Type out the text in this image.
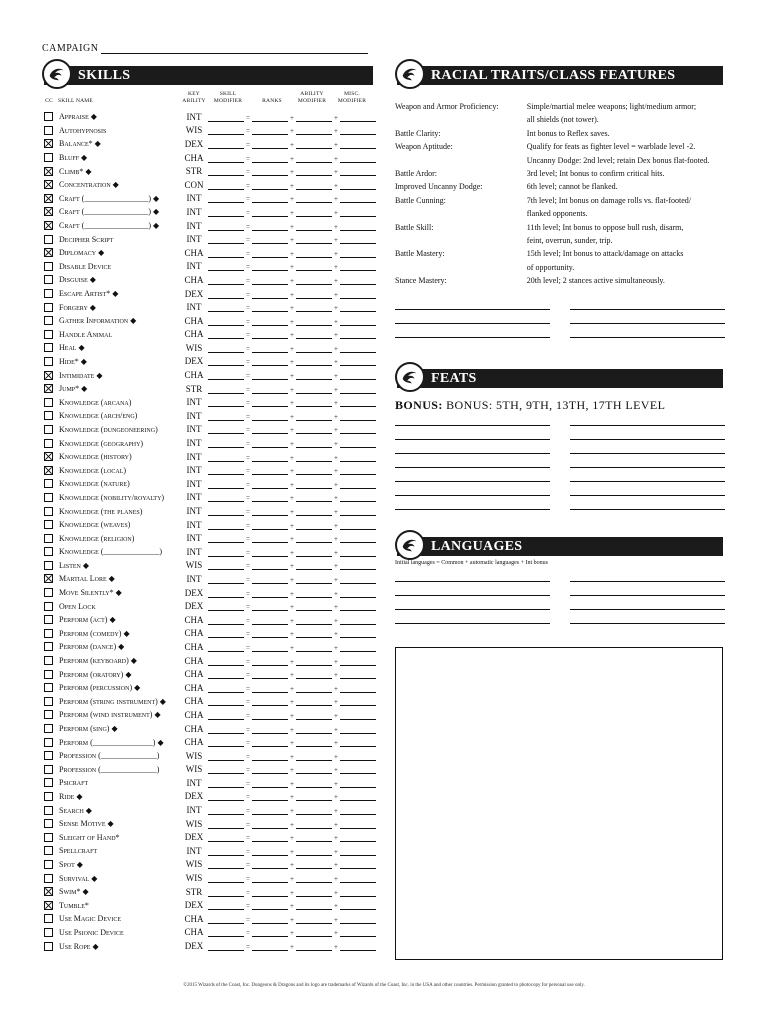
CAMPAIGN
SKILLS
CC SKILL NAME
KEY
ABILITY
SKILL
MODIFIER	RANKS
ABILITY
MODIFIER
MISC.
MODIFIER
Appraise ◆	INT	=	+	+
Autohypnosis	WIS	=	+	+
Balance* ◆	DEX	=	+	+
Bluff ◆	CHA	=	+	+
Climb* ◆	STR	=	+	+
Concentration ◆	CON	=	+	+
Craft (________________) ◆	INT	=	+	+
Craft (________________) ◆	INT	=	+	+
Craft (________________) ◆	INT	=	+	+
Decipher Script	INT	=	+	+
Diplomacy ◆	CHA	=	+	+
Disable Device	INT	=	+	+
Disguise ◆	CHA	=	+	+
Escape Artist* ◆	DEX	=	+	+
Forgery ◆	INT	=	+	+
Gather Information ◆	CHA	=	+	+
Handle Animal	CHA	=	+	+
Heal ◆	WIS	=	+	+
Hide* ◆	DEX	=	+	+
Intimidate ◆	CHA	=	+	+
Jump* ◆	STR	=	+	+
Knowledge (arcana)	INT	=	+	+
Knowledge (arch/eng)	INT	=	+	+
Knowledge (dungeoneering)	INT	=	+	+
Knowledge (geography)	INT	=	+	+
Knowledge (history)	INT	=	+	+
Knowledge (local)	INT	=	+	+
Knowledge (nature)	INT	=	+	+
Knowledge (nobility/royalty)	INT	=	+	+
Knowledge (the planes)	INT	=	+	+
Knowledge (weaves)	INT	=	+	+
Knowledge (religion)	INT	=	+	+
Knowledge (______________)	INT	=	+	+
Listen ◆	WIS	=	+	+
Martial Lore ◆	INT	=	+	+
Move Silently* ◆	DEX	=	+	+
Open Lock	DEX	=	+	+
Perform (act) ◆	CHA	=	+	+
Perform (comedy) ◆	CHA	=	+	+
Perform (dance) ◆	CHA	=	+	+
Perform (keyboard) ◆	CHA	=	+	+
Perform (oratory) ◆	CHA	=	+	+
Perform (percussion) ◆	CHA	=	+	+
Perform (string instrument) ◆	CHA	=	+	+
Perform (wind instrument) ◆	CHA	=	+	+
Perform (sing) ◆	CHA	=	+	+
Perform (_______________) ◆	CHA	=	+	+
Profession (______________)	WIS	=	+	+
Profession (______________)	WIS	=	+	+
Psicraft	INT	=	+	+
Ride ◆	DEX	=	+	+
Search ◆	INT	=	+	+
Sense Motive ◆	WIS	=	+	+
Sleight of Hand*	DEX	=	+	+
Spellcraft	INT	=	+	+
Spot ◆	WIS	=	+	+
Survival ◆	WIS	=	+	+
Swim* ◆	STR	=	+	+
Tumble*	DEX	=	+	+
Use Magic Device	CHA	=	+	+
Use Psionic Device	CHA	=	+	+
Use Rope ◆	DEX	=	+	+
RACIAL TRAITS/CLASS FEATURES
Weapon and Armor Proficiency:	Simple/martial melee weapons; light/medium armor;
all shields (not tower).
Battle Clarity:	Int bonus to Reflex saves.
Weapon Aptitude:	Qualify for feats as fighter level = warblade level -2.
Uncanny Dodge: 2nd level; retain Dex bonus flat-footed.
Battle Ardor:	3rd level; Int bonus to confirm critical hits.
Improved Uncanny Dodge:	6th level; cannot be flanked.
Battle Cunning:	7th level; Int bonus on damage rolls vs. flat-footed/
flanked opponents.
Battle Skill:	11th level; Int bonus to oppose bull rush, disarm,
feint, overrun, sunder, trip.
Battle Mastery:	15th level; Int bonus to attack/damage on attacks
of opportunity.
Stance Mastery:	20th level; 2 stances active simultaneously.
FEATS
BONUS: BONUS: 5TH, 9TH, 13TH, 17TH LEVEL
LANGUAGES
Initial languages = Common + automatic languages + Int bonus
©2015 Wizards of the Coast, Inc. Dungeons & Dragons and its logo are trademarks of Wizards of the Coast, Inc. in the USA and other countries. Permission granted to photocopy for personal use only.
